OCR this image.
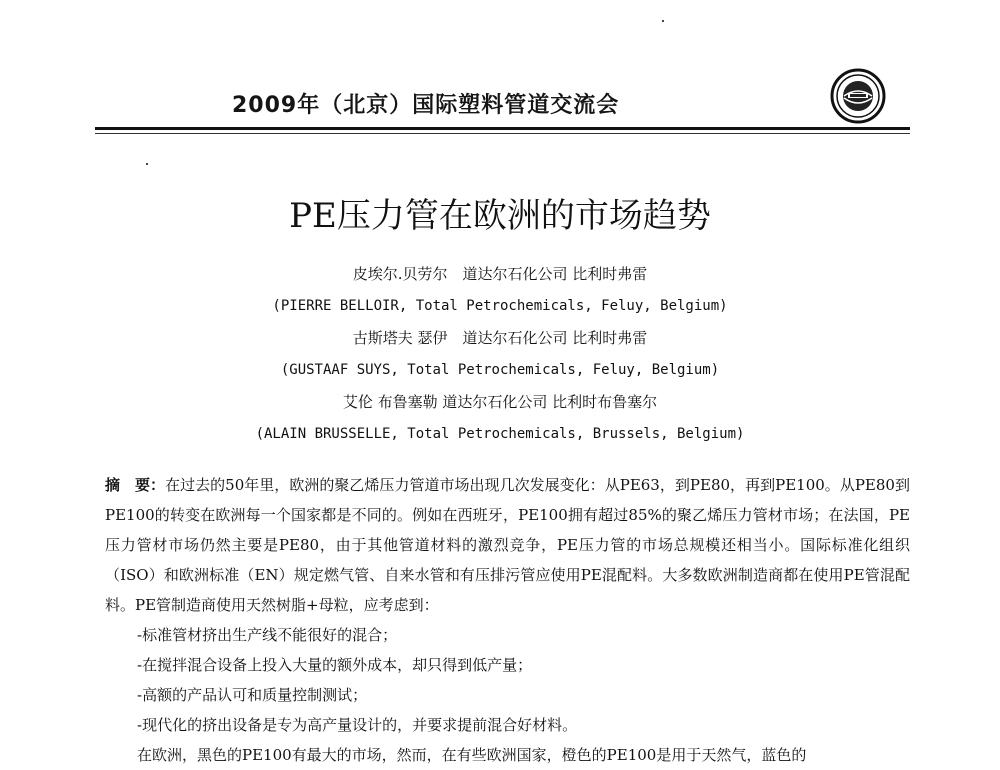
2009年（北京）国际塑料管道交流会
PE压力管在欧洲的市场趋势
皮埃尔.贝劳尔　道达尔石化公司 比利时弗雷
(PIERRE BELLOIR, Total Petrochemicals, Feluy, Belgium)
古斯塔夫 瑟伊　道达尔石化公司 比利时弗雷
(GUSTAAF SUYS, Total Petrochemicals, Feluy, Belgium)
艾伦 布鲁塞勒 道达尔石化公司 比利时布鲁塞尔
(ALAIN BRUSSELLE, Total Petrochemicals, Brussels, Belgium)
摘　要：在过去的50年里，欧洲的聚乙烯压力管道市场出现几次发展变化：从PE63，到PE80，再到PE100。从PE80到PE100的转变在欧洲每一个国家都是不同的。例如在西班牙，PE100拥有超过85%的聚乙烯压力管材市场；在法国，PE压力管材市场仍然主要是PE80，由于其他管道材料的激烈竞争，PE压力管的市场总规模还相当小。国际标准化组织（ISO）和欧洲标准（EN）规定燃气管、自来水管和有压排污管应使用PE混配料。大多数欧洲制造商都在使用PE管混配料。PE管制造商使用天然树脂+母粒，应考虑到：
-标准管材挤出生产线不能很好的混合；
-在搅拌混合设备上投入大量的额外成本，却只得到低产量；
-高额的产品认可和质量控制测试；
-现代化的挤出设备是专为高产量设计的，并要求提前混合好材料。
在欧洲，黑色的PE100有最大的市场，然而，在有些欧洲国家，橙色的PE100是用于天然气，蓝色的
